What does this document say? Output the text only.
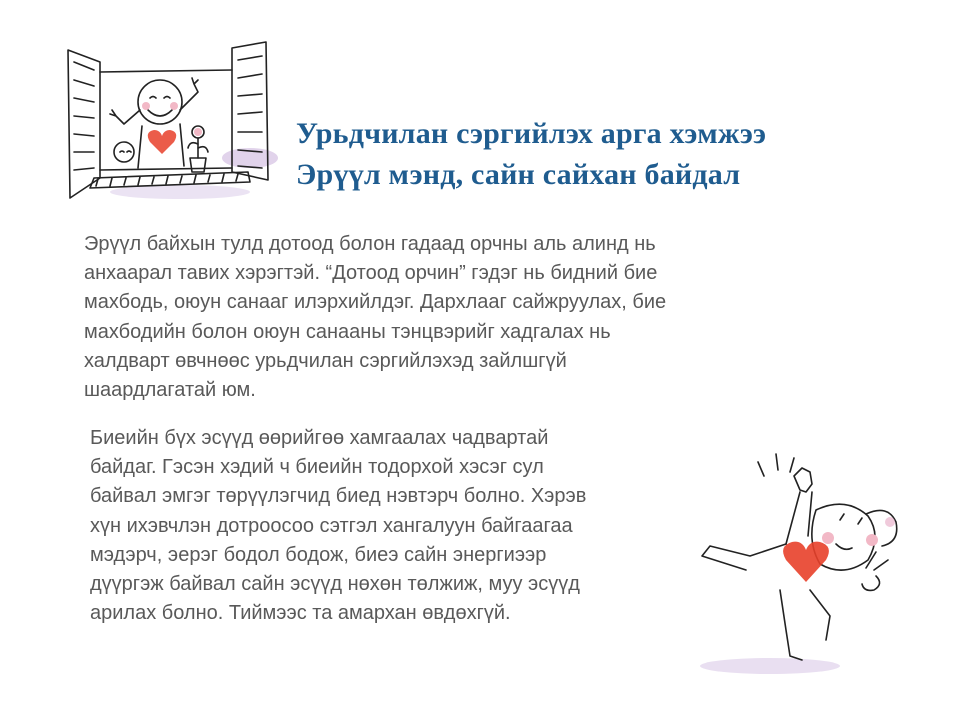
Урьдчилан сэргийлэх арга хэмжээ
Эрүүл мэнд, сайн сайхан байдал
Эрүүл байхын тулд дотоод болон гадаад орчны аль алинд нь
анхаарал тавих хэрэгтэй. “Дотоод орчин” гэдэг нь бидний бие
махбодь, оюун санааг илэрхийлдэг. Дархлааг сайжруулах, бие
махбодийн болон оюун санааны тэнцвэрийг хадгалах нь
халдварт өвчнөөс урьдчилан сэргийлэхэд зайлшгүй
шаардлагатай юм.
Биеийн бүх эсүүд өөрийгөө хамгаалах чадвартай
байдаг. Гэсэн хэдий ч биеийн тодорхой хэсэг сул
байвал эмгэг төрүүлэгчид биед нэвтэрч болно. Хэрэв
хүн ихэвчлэн дотроосоо сэтгэл хангалуун байгаагаа
мэдэрч, эерэг бодол бодож, биеэ сайн энергиээр
дүүргэж байвал сайн эсүүд нөхөн төлжиж, муу эсүүд
арилах болно. Тиймээс та амархан өвдөхгүй.
